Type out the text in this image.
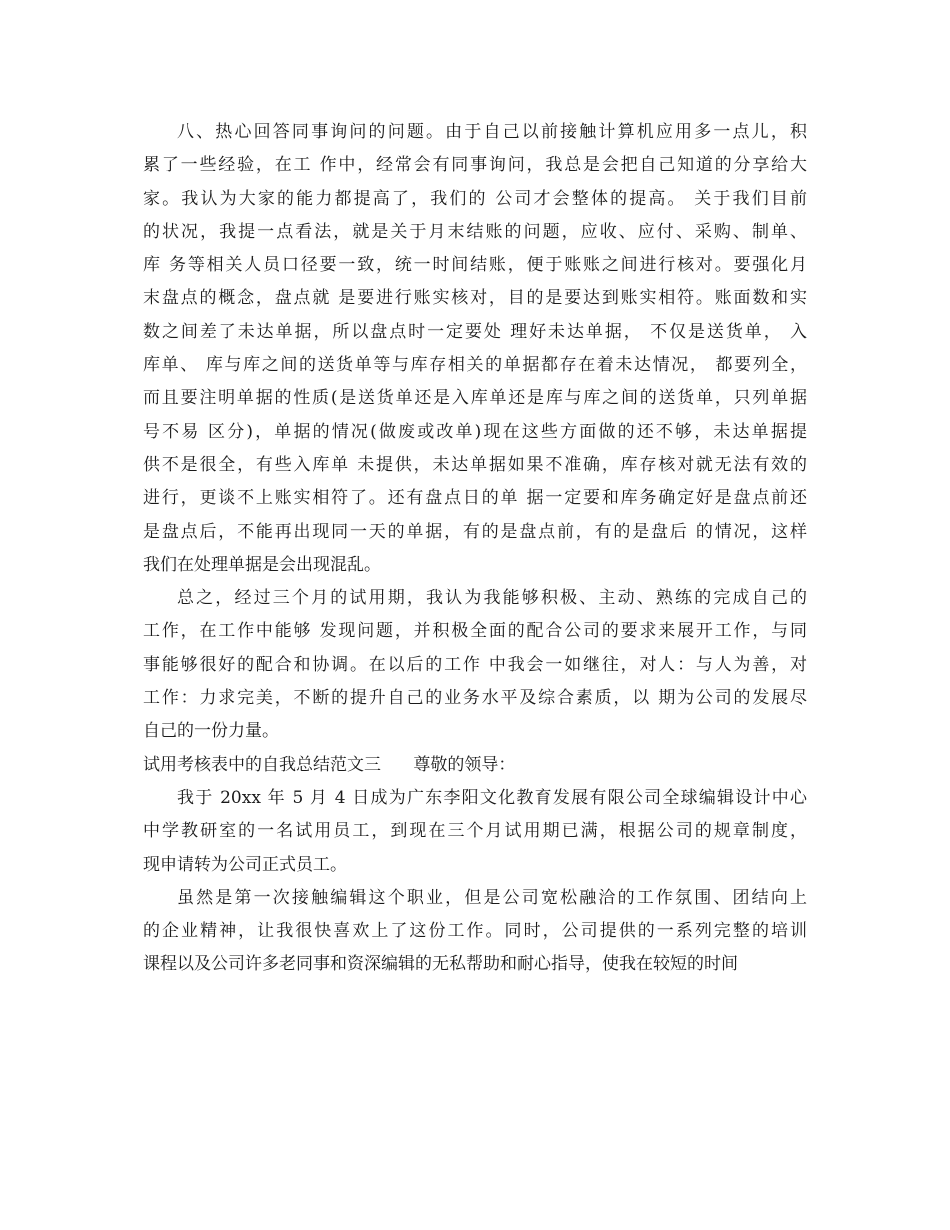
八、热心回答同事询问的问题。由于自己以前接触计算机应用多一点儿，积
累了一些经验，在工 作中，经常会有同事询问，我总是会把自己知道的分享给大
家。我认为大家的能力都提高了，我们的 公司才会整体的提高。 关于我们目前
的状况，我提一点看法，就是关于月末结账的问题，应收、应付、采购、制单、
库 务等相关人员口径要一致，统一时间结账，便于账账之间进行核对。要强化月
末盘点的概念，盘点就 是要进行账实核对，目的是要达到账实相符。账面数和实
数之间差了未达单据，所以盘点时一定要处 理好未达单据， 不仅是送货单， 入
库单、 库与库之间的送货单等与库存相关的单据都存在着未达情况， 都要列全，
而且要注明单据的性质(是送货单还是入库单还是库与库之间的送货单，只列单据
号不易 区分)，单据的情况(做废或改单)现在这些方面做的还不够，未达单据提
供不是很全，有些入库单 未提供，未达单据如果不准确，库存核对就无法有效的
进行，更谈不上账实相符了。还有盘点日的单 据一定要和库务确定好是盘点前还
是盘点后，不能再出现同一天的单据，有的是盘点前，有的是盘后 的情况，这样
我们在处理单据是会出现混乱。
总之，经过三个月的试用期，我认为我能够积极、主动、熟练的完成自己的
工作，在工作中能够 发现问题，并积极全面的配合公司的要求来展开工作，与同
事能够很好的配合和协调。在以后的工作 中我会一如继往，对人：与人为善，对
工作：力求完美，不断的提升自己的业务水平及综合素质，以 期为公司的发展尽
自己的一份力量。
试用考核表中的自我总结范文三      尊敬的领导：
我于 20xx 年 5 月 4 日成为广东李阳文化教育发展有限公司全球编辑设计中心
中学教研室的一名试用员工，到现在三个月试用期已满，根据公司的规章制度，
现申请转为公司正式员工。
虽然是第一次接触编辑这个职业，但是公司宽松融洽的工作氛围、团结向上
的企业精神，让我很快喜欢上了这份工作。同时，公司提供的一系列完整的培训
课程以及公司许多老同事和资深编辑的无私帮助和耐心指导，使我在较短的时间
